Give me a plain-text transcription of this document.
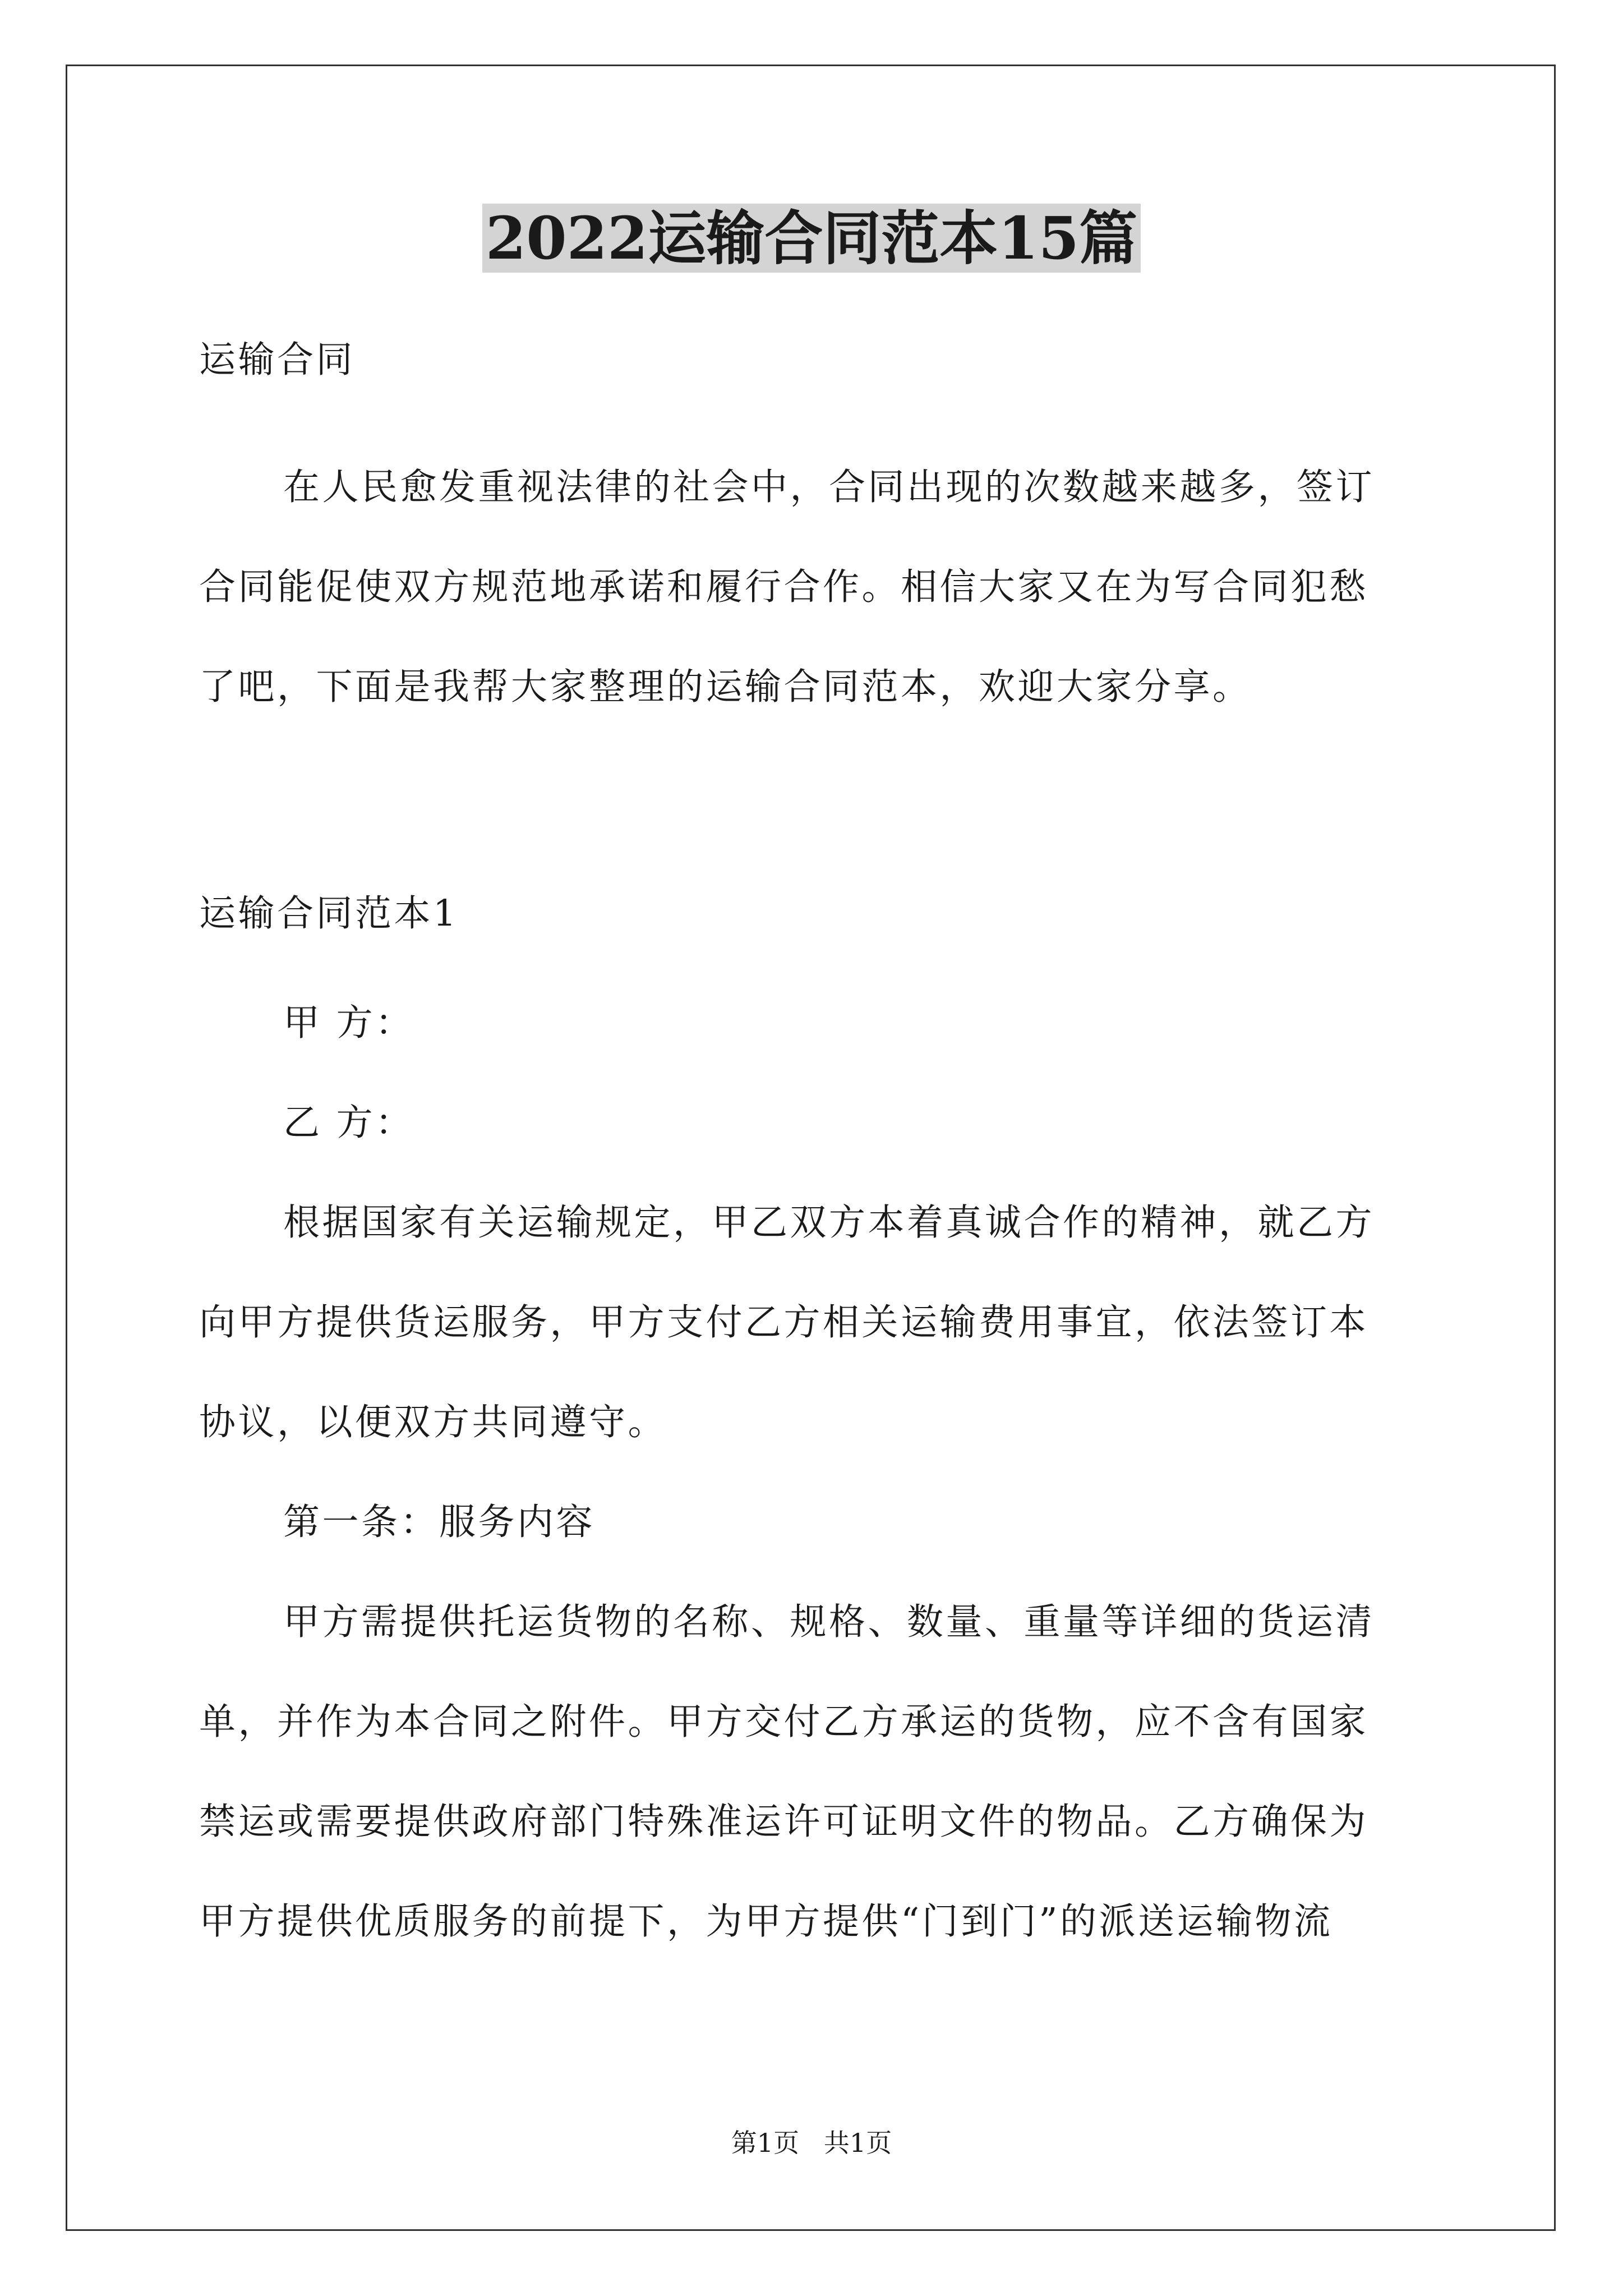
2022运输合同范本15篇

运输合同

在人民愈发重视法律的社会中，合同出现的次数越来越多，签订

合同能促使双方规范地承诺和履行合作。相信大家又在为写合同犯愁

了吧，下面是我帮大家整理的运输合同范本，欢迎大家分享。

运输合同范本1

甲 方：

乙 方：

根据国家有关运输规定，甲乙双方本着真诚合作的精神，就乙方

向甲方提供货运服务，甲方支付乙方相关运输费用事宜，依法签订本

协议，以便双方共同遵守。

第一条：服务内容

甲方需提供托运货物的名称、规格、数量、重量等详细的货运清

单，并作为本合同之附件。甲方交付乙方承运的货物，应不含有国家

禁运或需要提供政府部门特殊准运许可证明文件的物品。乙方确保为

甲方提供优质服务的前提下，为甲方提供“门到门”的派送运输物流

第1页   共1页
